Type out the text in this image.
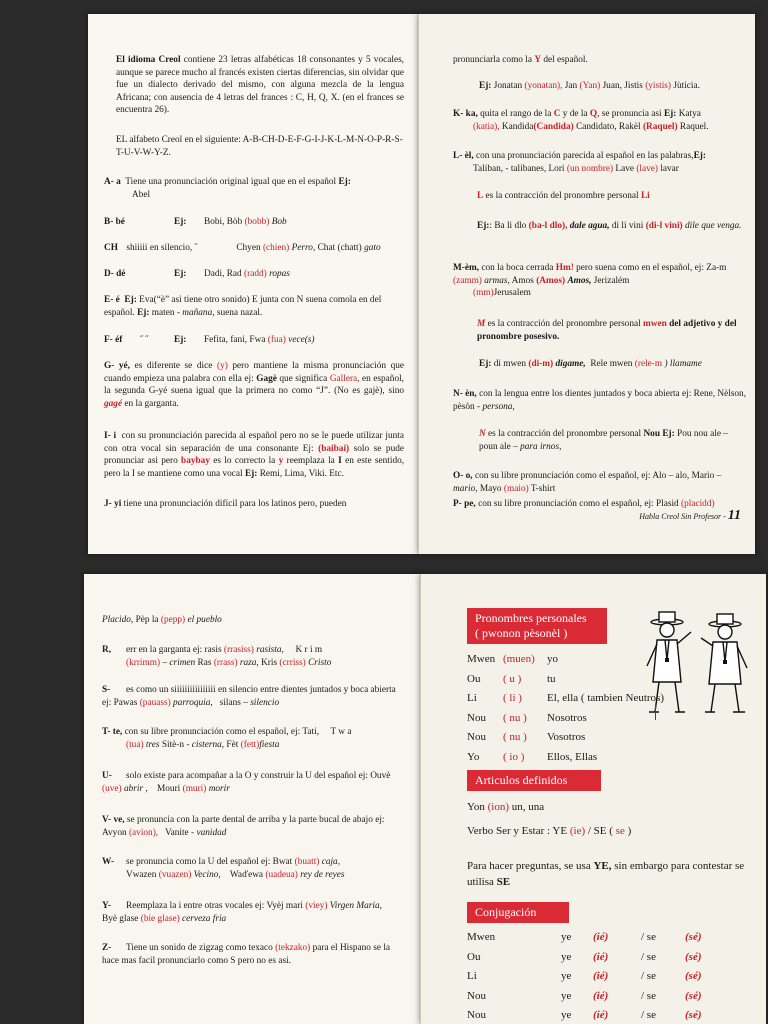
El idioma Creol contiene 23 letras alfabéticas 18 consonantes y 5 vocales, aunque se parece mucho al francés existen ciertas diferencias, sin olvidar que fue un dialecto derivado del mismo, con alguna mezcla de la lengua Africana; con ausencia de 4 letras del frances : C, H, Q, X. (en el frances se encuentra 26).

EL alfabeto Creol en el siguiente: A-B-CH-D-E-F-G-I-J-K-L-M-N-O-P-R-S-T-U-V-W-Y-Z.

A- a Tiene una pronunciación original igual que en el español Ej:
Abel
B- bé	Ej: Bobi, Bòb (bobb) Bob
CH shiiiii en silencio, ˝	Chyen (chien) Perro, Chat (chatt) gato
D- dé	Ej: Dadi, Rad (radd) ropas
E- é Ej: Eva(“è” asi tiene otro sonido) E junta con N suena comola en del español. Ej: maten - mañana, suena nazal.
F- éf ˝ ˝	Ej: Fefita, fani, Fwa (fua) vece(s)
G- yé, es diferente se dice (y) pero mantiene la misma pronunciación que cuando empieza una palabra con ella ej: Gagè que significa Gallera, en español, la segunda G-yé suena igual que la primera no como “J”. (No es gajè), sino gagé en la garganta.
I- i con su pronunciación parecida al español pero no se le puede utilizar junta con otra vocal sin separación de una consonante Ej: (baibai) solo se pude pronunciar asi pero baybay es lo correcto la y reemplaza la I en este sentido, pero la I se mantiene como una vocal Ej: Remi, Lima, Viki. Etc.
J- yi tiene una pronunciación difícil para los latinos pero, pueden
pronunciarla como la Y del español.
Ej: Jonatan (yonatan), Jan (Yan) Juan, Jistis (yistis) Jùticia.
K- ka, quita el rango de la C y de la Q, se pronuncia asi Ej: Katya
(katia), Kandida(Candida) Candidato, Rakèl (Raquel) Raquel.
L- èl, con una pronunciación parecida al español en las palabras,Ej:
Taliban, - talibanes, Lori (un nombre) Lave (lave) lavar
L es la contracción del pronombre personal Li
Ej:: Ba li dlo (ba-l dlo), dale agua, di li vini (di-l vini) dile que venga.
M-èm, con la boca cerrada Hm! pero suena como en el español, ej: Za-m (zamm) armas, Amos (Amos) Amos, Jerizalém
(mm)Jerusalem
M es la contracción del pronombre personal mwen del adjetivo y del pronombre posesivo.
Ej: di mwen (di-m) digame, Rele mwen (rele-m ) llamame
N- èn, con la lengua entre los dientes juntados y boca abierta ej: Rene, Nèlson, pèsòn - persona,
N es la contracción del pronombre personal Nou Ej: Pou nou ale – poun ale – para irnos,
O- o, con su libre pronunciación como el español, ej: Alo – alo, Mario – mario, Mayo (maio) T-shirt
P- pe, con su libre pronunciación como el español, ej: Plasid (placidd)
Habla Creol Sin Profesor - 11
Placido, Pèp la (pepp) el pueblo
R, err en la garganta ej: rasis (rrasiss) rasista, K r i m
(krrimm) – crimen Ras (rrass) raza, Kris (crriss) Cristo
S- es como un siiiiiiiiiiiiiiii en silencio entre dientes juntados y boca abierta ej: Pawas (pauass) parroquia, silans – silencio
T- te, con su libre pronunciación como el español, ej: Tati, T w a
(tua) tres Sitè-n - cisterna, Fèt (fett)fiesta
U- solo existe para acompañar a la O y construir la U del español ej: Ouvè (uve) abrir , Mouri (muri) morir
V- ve, se pronuncia con la parte dental de arriba y la parte bucal de abajo ej: Avyon (avion), Vanite - vanidad
W- se pronuncia como la U del español ej: Bwat (buatt) caja,
Vwazen (vuazen) Vecino, Waďewa (uadeua) rey de reyes
Y- Reemplaza la i entre otras vocales ej: Vyèj mari (viey) Virgen Maria,    Byè glase (bie glase) cerveza fria
Z- Tiene un sonido de zigzag como texaco (tekzako) para el Hispano se la hace mas facil pronunciarlo como S pero no es asi.
Pronombres personales
( pwonon pèsonèl )
Mwen (muen) yo
Ou ( u ) tu
Li ( li ) El, ella ( tambien Neutros)
Nou ( nu ) Nosotros
Nou ( nu ) Vosotros
Yo ( io ) Ellos, Ellas
Articulos definidos
Yon (ion) un, una
Verbo Ser y Estar : YE (ie) / SE ( se )
Para hacer preguntas, se usa YE, sin embargo para contestar se utilisa SE
Conjugación
Mwen	ye (ié)	/ se	(sé)
Ou	ye (ié)	/ se	(sé)
Li	ye (ié)	/ se	(sé)
Nou	ye (ié)	/ se	(sé)
Nou	ye (ié)	/ se	(sé)
